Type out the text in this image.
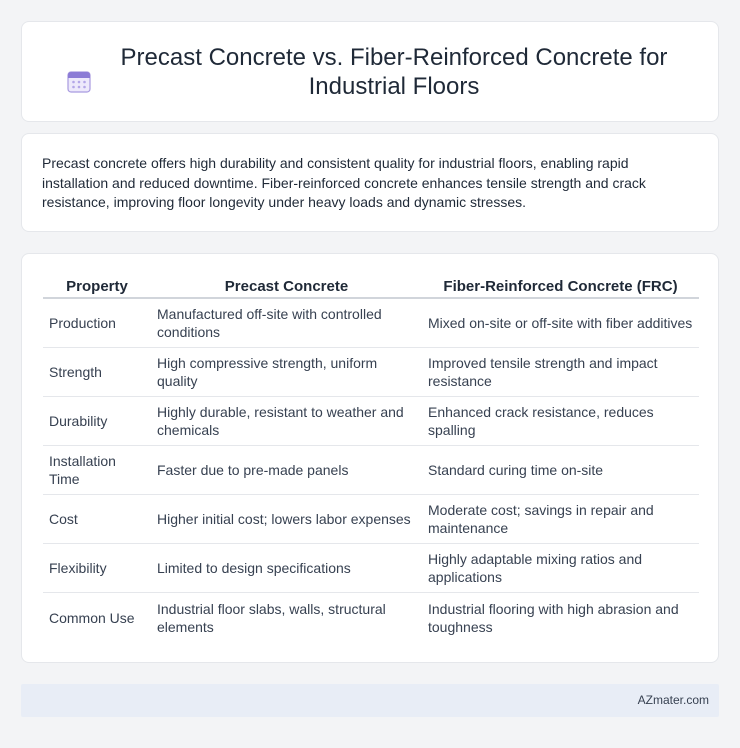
Precast Concrete vs. Fiber-Reinforced Concrete for Industrial Floors

Precast concrete offers high durability and consistent quality for industrial floors, enabling rapid installation and reduced downtime. Fiber-reinforced concrete enhances tensile strength and crack resistance, improving floor longevity under heavy loads and dynamic stresses.

Property	Precast Concrete	Fiber-Reinforced Concrete (FRC)
Production	Manufactured off-site with controlled conditions	Mixed on-site or off-site with fiber additives
Strength	High compressive strength, uniform quality	Improved tensile strength and impact resistance
Durability	Highly durable, resistant to weather and chemicals	Enhanced crack resistance, reduces spalling
Installation Time	Faster due to pre-made panels	Standard curing time on-site
Cost	Higher initial cost; lowers labor expenses	Moderate cost; savings in repair and maintenance
Flexibility	Limited to design specifications	Highly adaptable mixing ratios and applications
Common Use	Industrial floor slabs, walls, structural elements	Industrial flooring with high abrasion and toughness
AZmater.com
